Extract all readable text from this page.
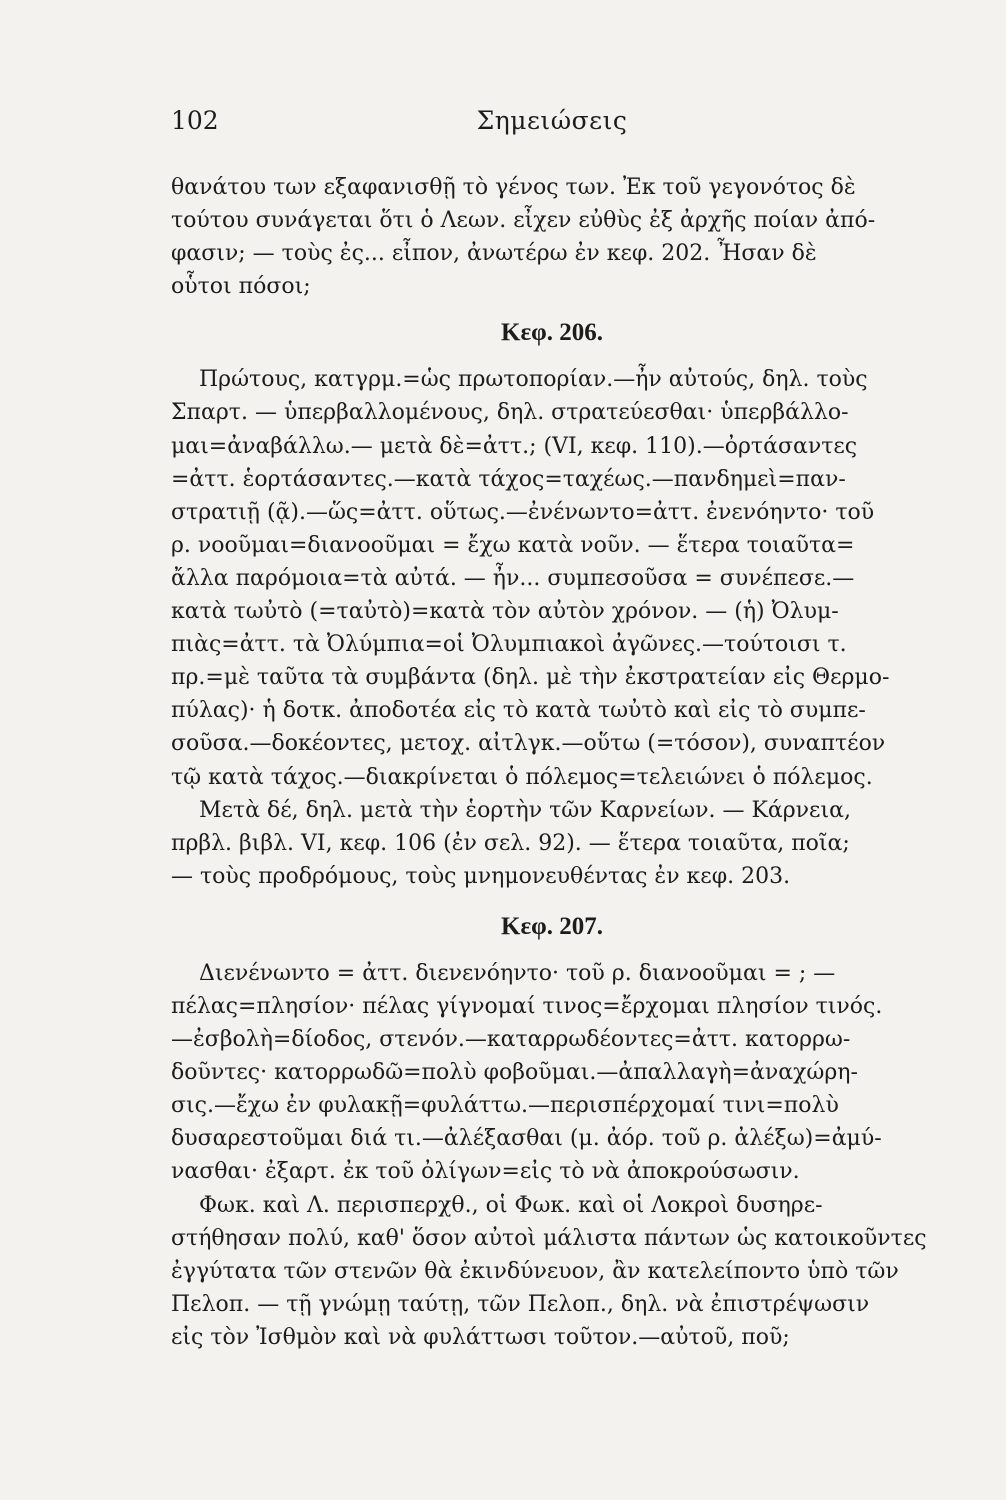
102	Σημειώσεις

θανάτου των εξαφανισθῇ τὸ γένος των. Ἐκ τοῦ γεγονότος δὲ

τούτου συνάγεται ὅτι ὁ Λεων. εἶχεν εὐθὺς ἐξ ἀρχῆς ποίαν ἀπό-

φασιν; — τοὺς ἐς... εἶπον, ἀνωτέρω ἐν κεφ. 202. Ἦσαν δὲ

οὗτοι πόσοι;

Κεφ. 206.

Πρώτους, κατγρμ.=ὡς πρωτοπορίαν.—ἦν αὐτούς, δηλ. τοὺς

Σπαρτ. — ὑπερβαλλομένους, δηλ. στρατεύεσθαι· ὑπερβάλλο-

μαι=ἀναβάλλω.— μετὰ δὲ=ἀττ.; (VI, κεφ. 110).—ὀρτάσαντες

=ἀττ. ἑορτάσαντες.—κατὰ τάχος=ταχέως.—πανδημεὶ=παν-

στρατιῇ (ᾷ).—ὥς=ἀττ. οὕτως.—ἐνένωντο=ἀττ. ἐνενόηντο· τοῦ

ρ. νοοῦμαι=διανοοῦμαι = ἔχω κατὰ νοῦν. — ἕτερα τοιαῦτα=

ἄλλα παρόμοια=τὰ αὐτά. — ἦν... συμπεσοῦσα = συνέπεσε.—

κατὰ τωὐτὸ (=ταὐτὸ)=κατὰ τὸν αὐτὸν χρόνον. — (ἡ) Ὀλυμ-

πιὰς=ἀττ. τὰ Ὀλύμπια=οἱ Ὀλυμπιακοὶ ἀγῶνες.—τούτοισι τ.

πρ.=μὲ ταῦτα τὰ συμβάντα (δηλ. μὲ τὴν ἐκστρατείαν εἰς Θερμο-

πύλας)· ἡ δοτκ. ἀποδοτέα εἰς τὸ κατὰ τωὐτὸ καὶ εἰς τὸ συμπε-

σοῦσα.—δοκέοντες, μετοχ. αἰτλγκ.—οὕτω (=τόσον), συναπτέον

τῷ κατὰ τάχος.—διακρίνεται ὁ πόλεμος=τελειώνει ὁ πόλεμος.

Μετὰ δέ, δηλ. μετὰ τὴν ἑορτὴν τῶν Καρνείων. — Κάρνεια,

πρβλ. βιβλ. VI, κεφ. 106 (ἐν σελ. 92). — ἕτερα τοιαῦτα, ποῖα;

— τοὺς προδρόμους, τοὺς μνημονευθέντας ἐν κεφ. 203.

Κεφ. 207.

Διενένωντο = ἀττ. διενενόηντο· τοῦ ρ. διανοοῦμαι = ; —

πέλας=πλησίον· πέλας γίγνομαί τινος=ἔρχομαι πλησίον τινός.

—ἐσβολὴ=δίοδος, στενόν.—καταρρωδέοντες=ἀττ. κατορρω-

δοῦντες· κατορρωδῶ=πολὺ φοβοῦμαι.—ἀπαλλαγὴ=ἀναχώρη-

σις.—ἔχω ἐν φυλακῇ=φυλάττω.—περισπέρχομαί τινι=πολὺ

δυσαρεστοῦμαι διά τι.—ἀλέξασθαι (μ. ἀόρ. τοῦ ρ. ἀλέξω)=ἀμύ-

νασθαι· ἐξαρτ. ἐκ τοῦ ὀλίγων=εἰς τὸ νὰ ἀποκρούσωσιν.

Φωκ. καὶ Λ. περισπερχθ., οἱ Φωκ. καὶ οἱ Λοκροὶ δυσηρε-

στήθησαν πολύ, καθ' ὅσον αὐτοὶ μάλιστα πάντων ὡς κατοικοῦντες

ἐγγύτατα τῶν στενῶν θὰ ἐκινδύνευον, ἂν κατελείποντο ὑπὸ τῶν

Πελοπ. — τῇ γνώμῃ ταύτῃ, τῶν Πελοπ., δηλ. νὰ ἐπιστρέψωσιν

εἰς τὸν Ἰσθμὸν καὶ νὰ φυλάττωσι τοῦτον.—αὐτοῦ, ποῦ;
